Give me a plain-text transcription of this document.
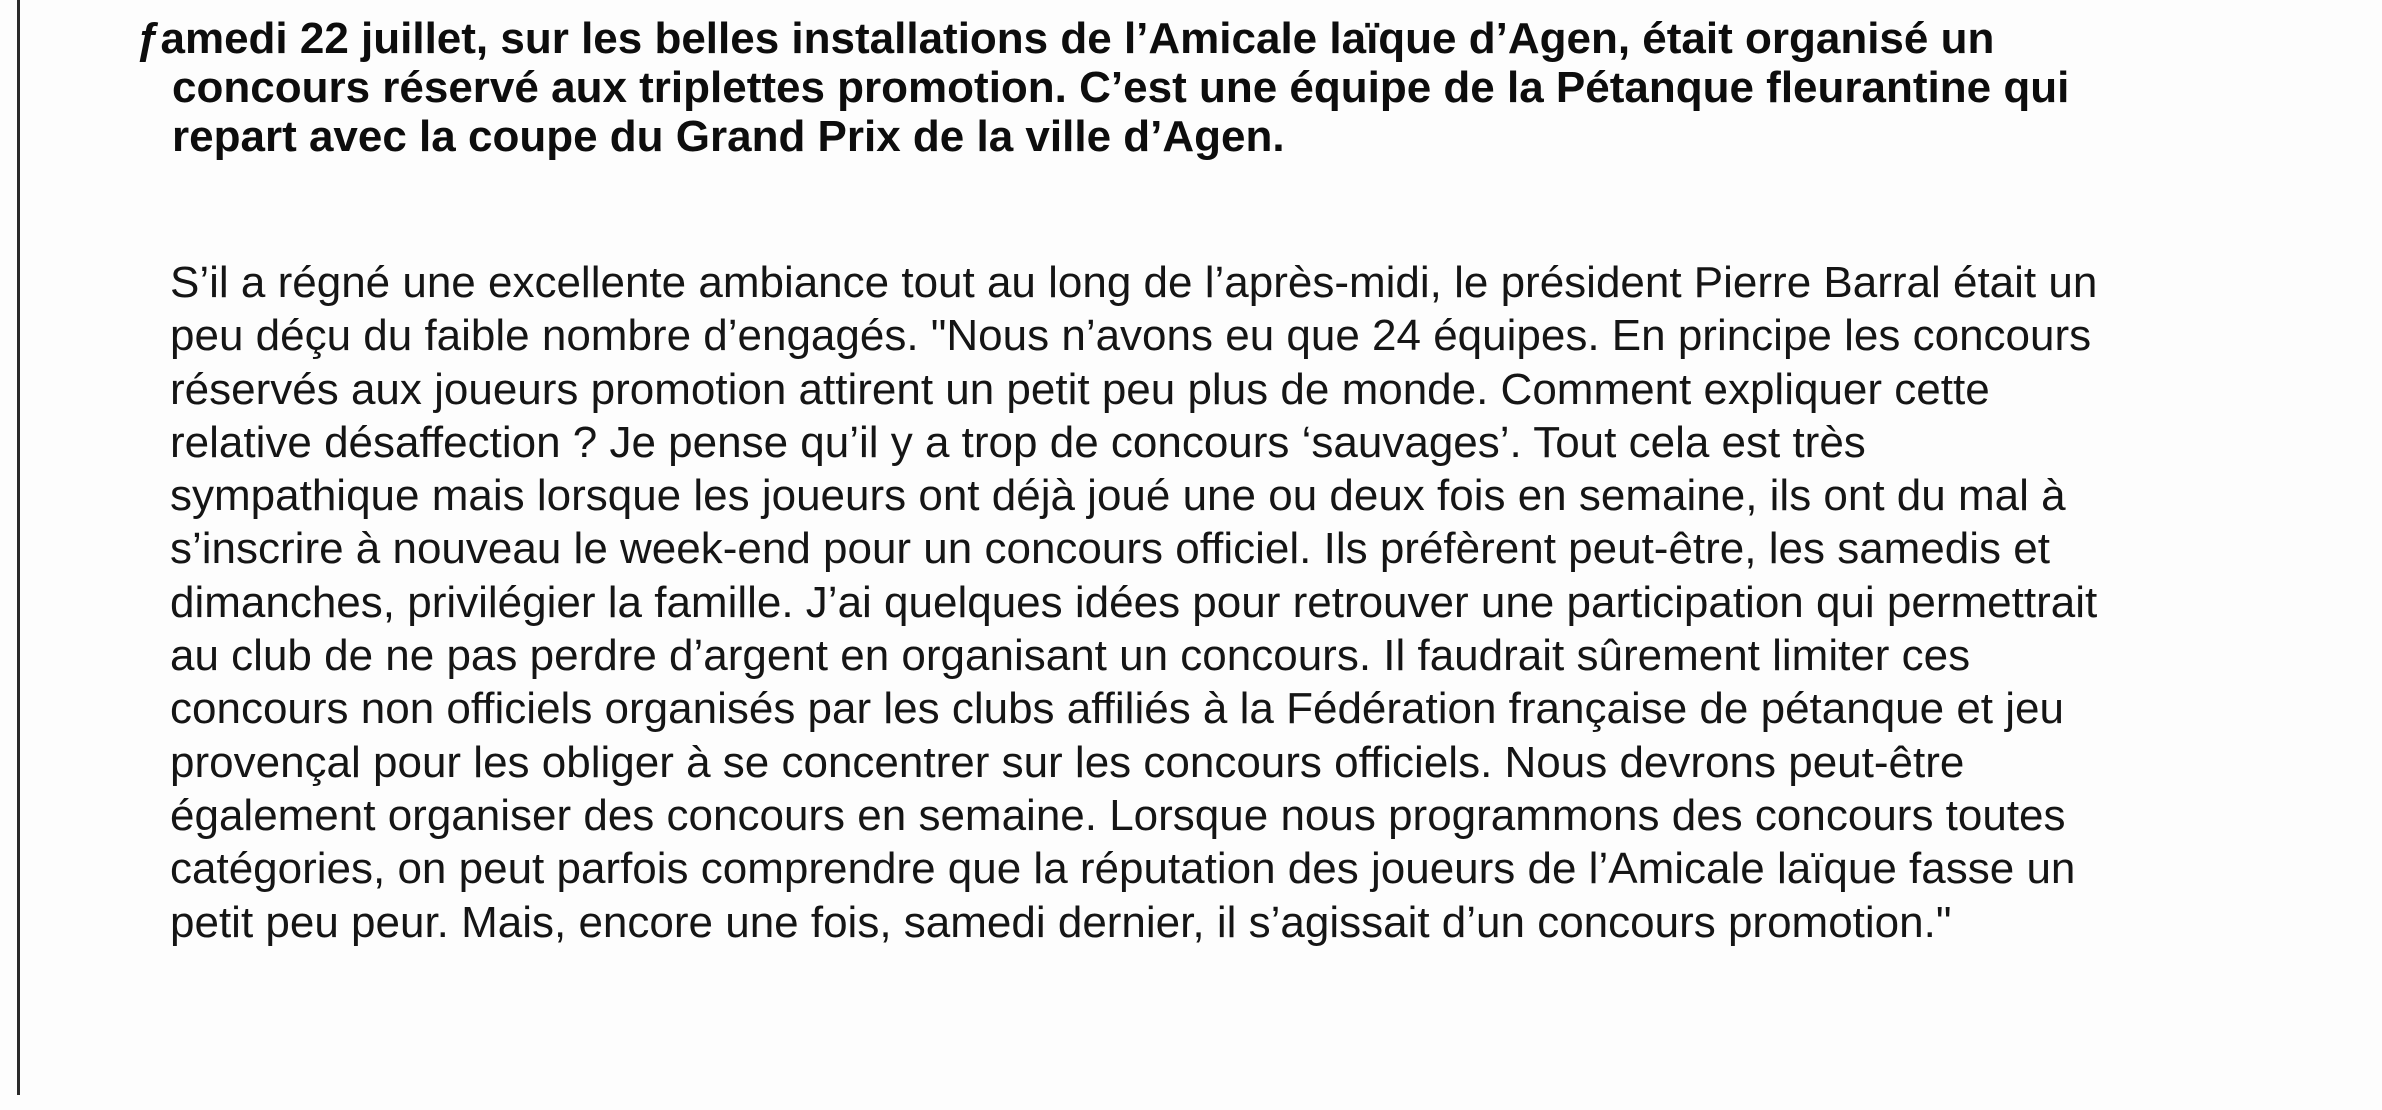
ƒamedi 22 juillet, sur les belles installations de l’Amicale laïque d’Agen, était organisé un
concours réservé aux triplettes promotion. C’est une équipe de la Pétanque fleurantine qui
repart avec la coupe du Grand Prix de la ville d’Agen.

S’il a régné une excellente ambiance tout au long de l’après-midi, le président Pierre Barral était un
peu déçu du faible nombre d’engagés. "Nous n’avons eu que 24 équipes. En principe les concours
réservés aux joueurs promotion attirent un petit peu plus de monde. Comment expliquer cette
relative désaffection ? Je pense qu’il y a trop de concours ‘sauvages’. Tout cela est très
sympathique mais lorsque les joueurs ont déjà joué une ou deux fois en semaine, ils ont du mal à
s’inscrire à nouveau le week-end pour un concours officiel. Ils préfèrent peut-être, les samedis et
dimanches, privilégier la famille. J’ai quelques idées pour retrouver une participation qui permettrait
au club de ne pas perdre d’argent en organisant un concours. Il faudrait sûrement limiter ces
concours non officiels organisés par les clubs affiliés à la Fédération française de pétanque et jeu
provençal pour les obliger à se concentrer sur les concours officiels. Nous devrons peut-être
également organiser des concours en semaine. Lorsque nous programmons des concours toutes
catégories, on peut parfois comprendre que la réputation des joueurs de l’Amicale laïque fasse un
petit peu peur. Mais, encore une fois, samedi dernier, il s’agissait d’un concours promotion."
